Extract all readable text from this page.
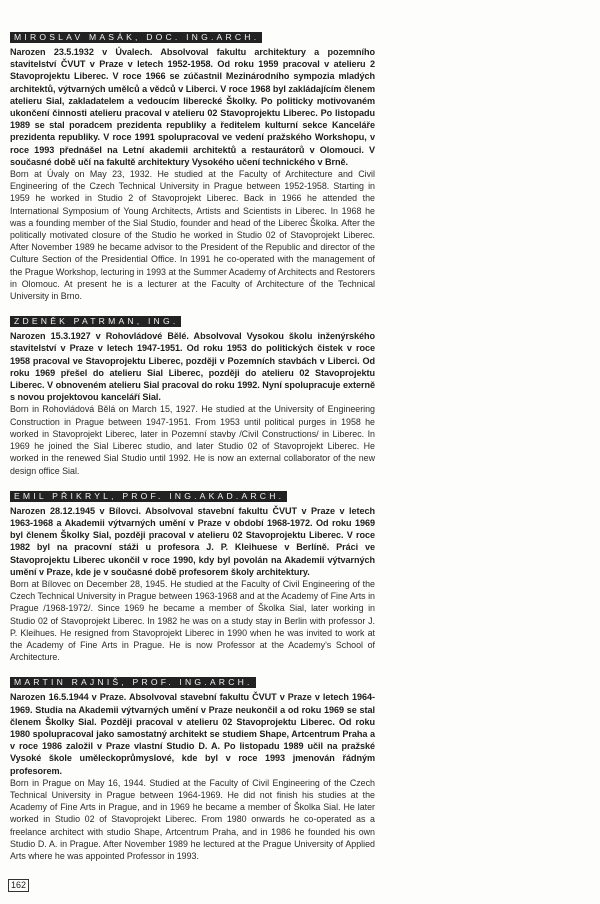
MIROSLAV MASÁK, DOC. ING.ARCH.

Narozen 23.5.1932 v Úvalech. Absolvoval fakultu architektury a pozemního stavitelství ČVUT v Praze v letech 1952-1958. Od roku 1959 pracoval v atelieru 2 Stavoprojektu Liberec. V roce 1966 se zúčastnil Mezinárodního sympozia mladých architektů, výtvarných umělců a vědců v Liberci. V roce 1968 byl zakládajícím členem atelieru Sial, zakladatelem a vedoucím liberecké Školky. Po politicky motivovaném ukončení činnosti atelieru pracoval v atelieru 02 Stavoprojektu Liberec. Po listopadu 1989 se stal poradcem prezidenta republiky a ředitelem kulturní sekce Kanceláře prezidenta republiky. V roce 1991 spolupracoval ve vedení pražského Workshopu, v roce 1993 přednášel na Letní akademii architektů a restaurátorů v Olomouci. V současné době učí na fakultě architektury Vysokého učení technického v Brně.

Born at Úvaly on May 23, 1932. He studied at the Faculty of Architecture and Civil Engineering of the Czech Technical University in Prague between 1952-1958. Starting in 1959 he worked in Studio 2 of Stavoprojekt Liberec. Back in 1966 he attended the International Symposium of Young Architects, Artists and Scientists in Liberec. In 1968 he was a founding member of the Sial Studio, founder and head of the Liberec Školka. After the politically motivated closure of the Studio he worked in Studio 02 of Stavoprojekt Liberec. After November 1989 he became advisor to the President of the Republic and director of the Culture Section of the Presidential Office. In 1991 he co-operated with the management of the Prague Workshop, lecturing in 1993 at the Summer Academy of Architects and Restorers in Olomouc. At present he is a lecturer at the Faculty of Architecture of the Technical University in Brno.

ZDENĚK PATRMAN, ING.

Narozen 15.3.1927 v Rohovládové Bělé. Absolvoval Vysokou školu inženýrského stavitelství v Praze v letech 1947-1951. Od roku 1953 do politických čistek v roce 1958 pracoval ve Stavoprojektu Liberec, později v Pozemních stavbách v Liberci. Od roku 1969 přešel do atelieru Sial Liberec, později do atelieru 02 Stavoprojektu Liberec. V obnoveném atelieru Sial pracoval do roku 1992. Nyní spolupracuje externě s novou projektovou kanceláří Sial.

Born in Rohovládová Bělá on March 15, 1927. He studied at the University of Engineering Construction in Prague between 1947-1951. From 1953 until political purges in 1958 he worked in Stavoprojekt Liberec, later in Pozemní stavby /Civil Constructions/ in Liberec. In 1969 he joined the Sial Liberec studio, and later Studio 02 of Stavoprojekt Liberec. He worked in the renewed Sial Studio until 1992. He is now an external collaborator of the new design office Sial.

EMIL PŘIKRYL, PROF. ING.AKAD.ARCH.

Narozen 28.12.1945 v Bílovci. Absolvoval stavební fakultu ČVUT v Praze v letech 1963-1968 a Akademii výtvarných umění v Praze v období 1968-1972. Od roku 1969 byl členem Školky Sial, později pracoval v atelieru 02 Stavoprojektu Liberec. V roce 1982 byl na pracovní stáži u profesora J. P. Kleihuese v Berlíně. Práci ve Stavoprojektu Liberec ukončil v roce 1990, kdy byl povolán na Akademii výtvarných umění v Praze, kde je v současné době profesorem školy architektury.

Born at Bílovec on December 28, 1945. He studied at the Faculty of Civil Engineering of the Czech Technical University in Prague between 1963-1968 and at the Academy of Fine Arts in Prague /1968-1972/. Since 1969 he became a member of Školka Sial, later working in Studio 02 of Stavoprojekt Liberec. In 1982 he was on a study stay in Berlin with professor J. P. Kleihues. He resigned from Stavoprojekt Liberec in 1990 when he was invited to work at the Academy of Fine Arts in Prague. He is now Professor at the Academy's School of Architecture.

MARTIN RAJNIŠ, PROF. ING.ARCH.

Narozen 16.5.1944 v Praze. Absolvoval stavební fakultu ČVUT v Praze v letech 1964-1969. Studia na Akademii výtvarných umění v Praze neukončil a od roku 1969 se stal členem Školky Sial. Později pracoval v atelieru 02 Stavoprojektu Liberec. Od roku 1980 spolupracoval jako samostatný architekt se studiem Shape, Artcentrum Praha a v roce 1986 založil v Praze vlastní Studio D. A. Po listopadu 1989 učil na pražské Vysoké škole uměleckoprůmyslové, kde byl v roce 1993 jmenován řádným profesorem.

Born in Prague on May 16, 1944. Studied at the Faculty of Civil Engineering of the Czech Technical University in Prague between 1964-1969. He did not finish his studies at the Academy of Fine Arts in Prague, and in 1969 he became a member of Školka Sial. He later worked in Studio 02 of Stavoprojekt Liberec. From 1980 onwards he co-operated as a freelance architect with studio Shape, Artcentrum Praha, and in 1986 he founded his own Studio D. A. in Prague. After November 1989 he lectured at the Prague University of Applied Arts where he was appointed Professor in 1993.

162
